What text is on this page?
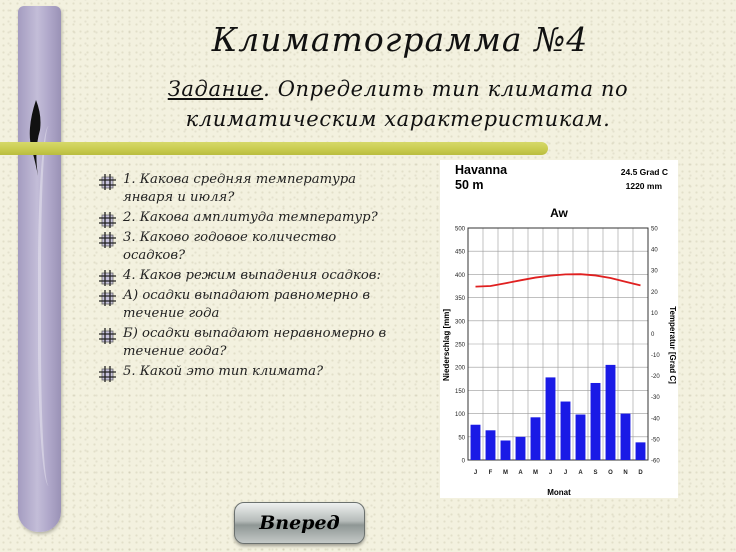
Климатограмма №4
Задание. Определить тип климата по климатическим характеристикам.
1. Какова средняя температура января и июля?
2. Какова амплитуда температур?
3. Каково годовое количество осадков?
4. Каков режим выпадения осадков:
А) осадки выпадают равномерно в течение года
Б) осадки выпадают неравномерно в течение года?
5. Какой это тип климата?
Havanna
50 m
24.5 Grad C
1220 mm
Aw
Monat
Niederschlag [mm]	Temperatur [Grad C]
500
450
400
350
300
250
200
150
100
50
0
50
40
30
20
10
0
-10
-20
-30
-40
-50
-60
J F M A M J J A S O N D
Вперед
